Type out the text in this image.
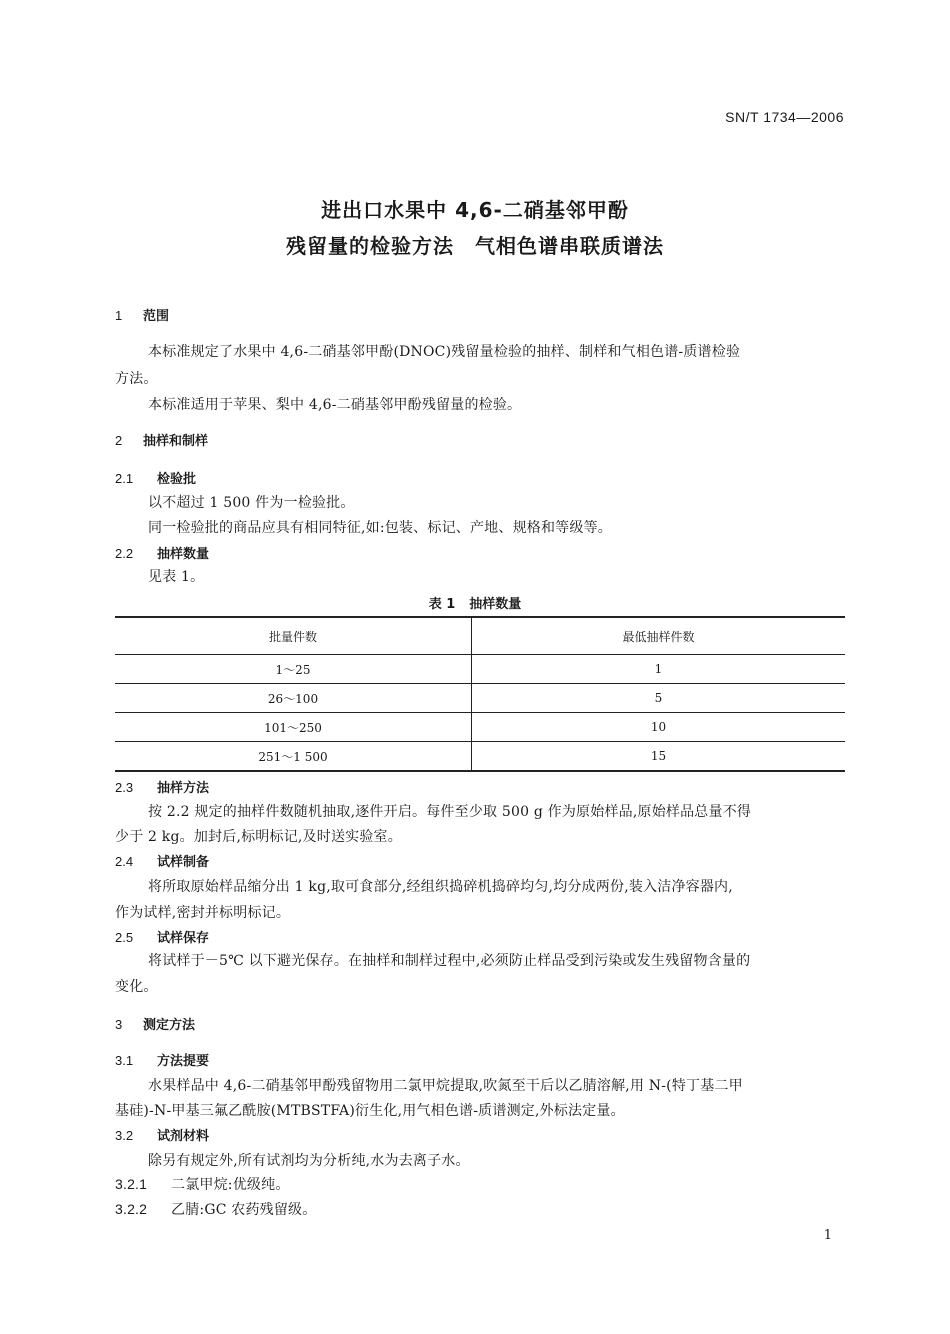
SN/T 1734—2006
进出口水果中 4,6-二硝基邻甲酚
残留量的检验方法　气相色谱串联质谱法
1 范围
本标准规定了水果中 4,6-二硝基邻甲酚(DNOC)残留量检验的抽样、制样和气相色谱-质谱检验
方法。
本标准适用于苹果、梨中 4,6-二硝基邻甲酚残留量的检验。
2 抽样和制样
2.1 检验批
以不超过 1 500 件为一检验批。
同一检验批的商品应具有相同特征,如:包装、标记、产地、规格和等级等。
2.2 抽样数量
见表 1。
表 1 抽样数量
批量件数	最低抽样件数
1～25	1
26～100	5
101～250	10
251～1 500	15
2.3 抽样方法
按 2.2 规定的抽样件数随机抽取,逐件开启。每件至少取 500 g 作为原始样品,原始样品总量不得
少于 2 kg。加封后,标明标记,及时送实验室。
2.4 试样制备
将所取原始样品缩分出 1 kg,取可食部分,经组织捣碎机捣碎均匀,均分成两份,装入洁净容器内,
作为试样,密封并标明标记。
2.5 试样保存
将试样于－5℃ 以下避光保存。在抽样和制样过程中,必须防止样品受到污染或发生残留物含量的
变化。
3 测定方法
3.1 方法提要
水果样品中 4,6-二硝基邻甲酚残留物用二氯甲烷提取,吹氮至干后以乙腈溶解,用 N-(特丁基二甲
基硅)-N-甲基三氟乙酰胺(MTBSTFA)衍生化,用气相色谱-质谱测定,外标法定量。
3.2 试剂材料
除另有规定外,所有试剂均为分析纯,水为去离子水。
3.2.1 二氯甲烷:优级纯。
3.2.2 乙腈:GC 农药残留级。
1
